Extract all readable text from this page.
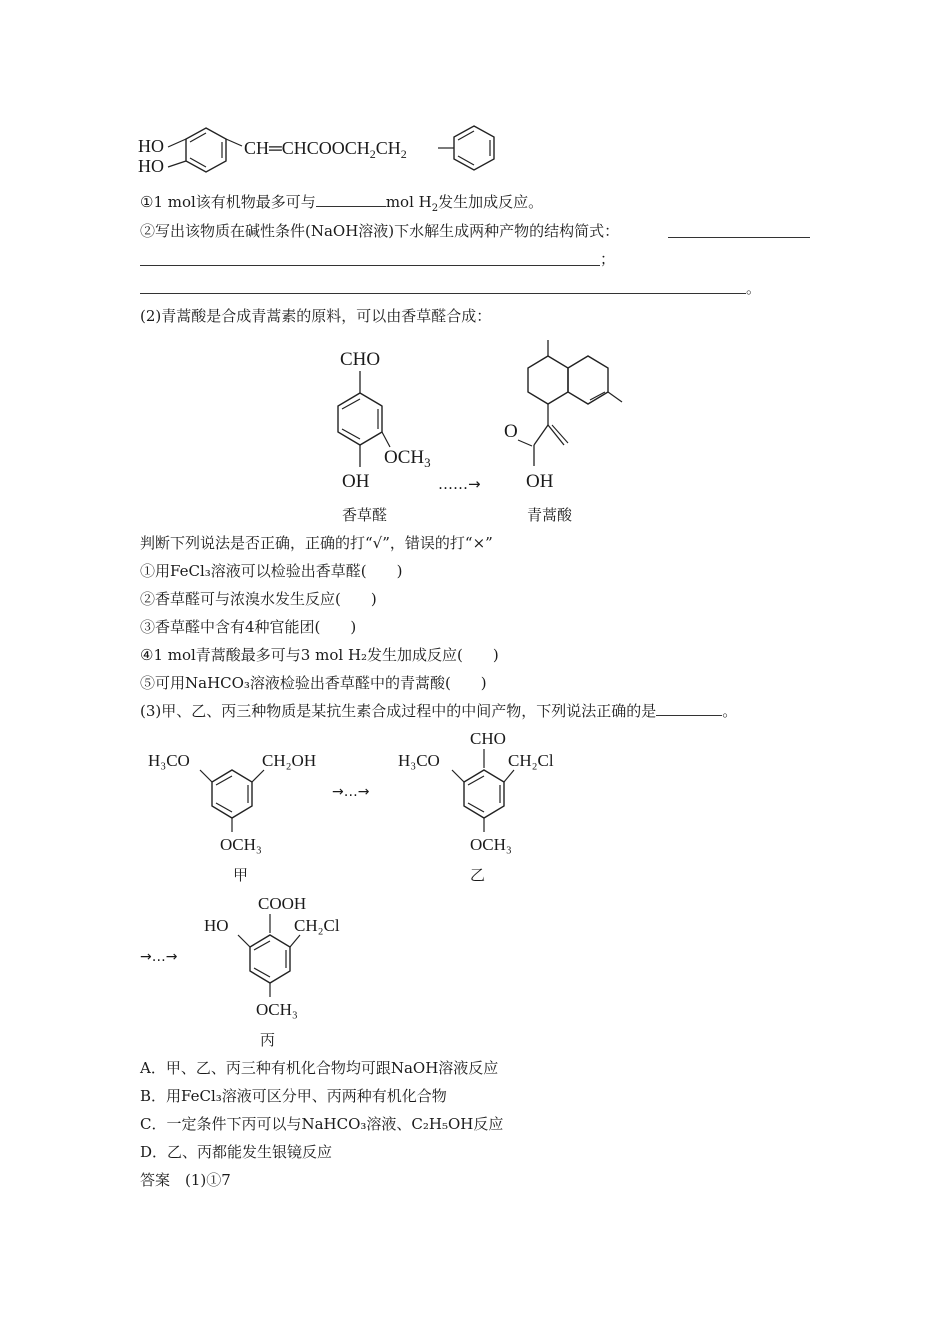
HO
HO
$CH═CHCOOCH_2CH_2$
①1 mol该有机物最多可与	mol $H_2$发生加成反应。
②写出该物质在碱性条件(NaOH溶液)下水解生成两种产物的结构简式：
；
。
(2)青蒿酸是合成青蒿素的原料，可以由香草醛合成：
CHO
$OCH_3$
OH
O
OH
……→
香草醛	青蒿酸
判断下列说法是否正确，正确的打“√”，错误的打“×”
①用FeCl₃溶液可以检验出香草醛(　　)
②香草醛可与浓溴水发生反应(　　)
③香草醛中含有4种官能团(　　)
④1 mol青蒿酸最多可与3 mol H₂发生加成反应(　　)
⑤可用NaHCO₃溶液检验出香草醛中的青蒿酸(　　)
(3)甲、乙、丙三种物质是某抗生素合成过程中的中间产物，下列说法正确的是	。
H₃CO	CH₂OH
OCH₃
→…→
甲
CHO
H₃CO	CH₂Cl
OCH₃
乙
→…→
COOH
HO	CH₂Cl
OCH₃
丙
A．甲、乙、丙三种有机化合物均可跟NaOH溶液反应
B．用FeCl₃溶液可区分甲、丙两种有机化合物
C．一定条件下丙可以与NaHCO₃溶液、C₂H₅OH反应
D．乙、丙都能发生银镜反应
答案　 (1)①7
